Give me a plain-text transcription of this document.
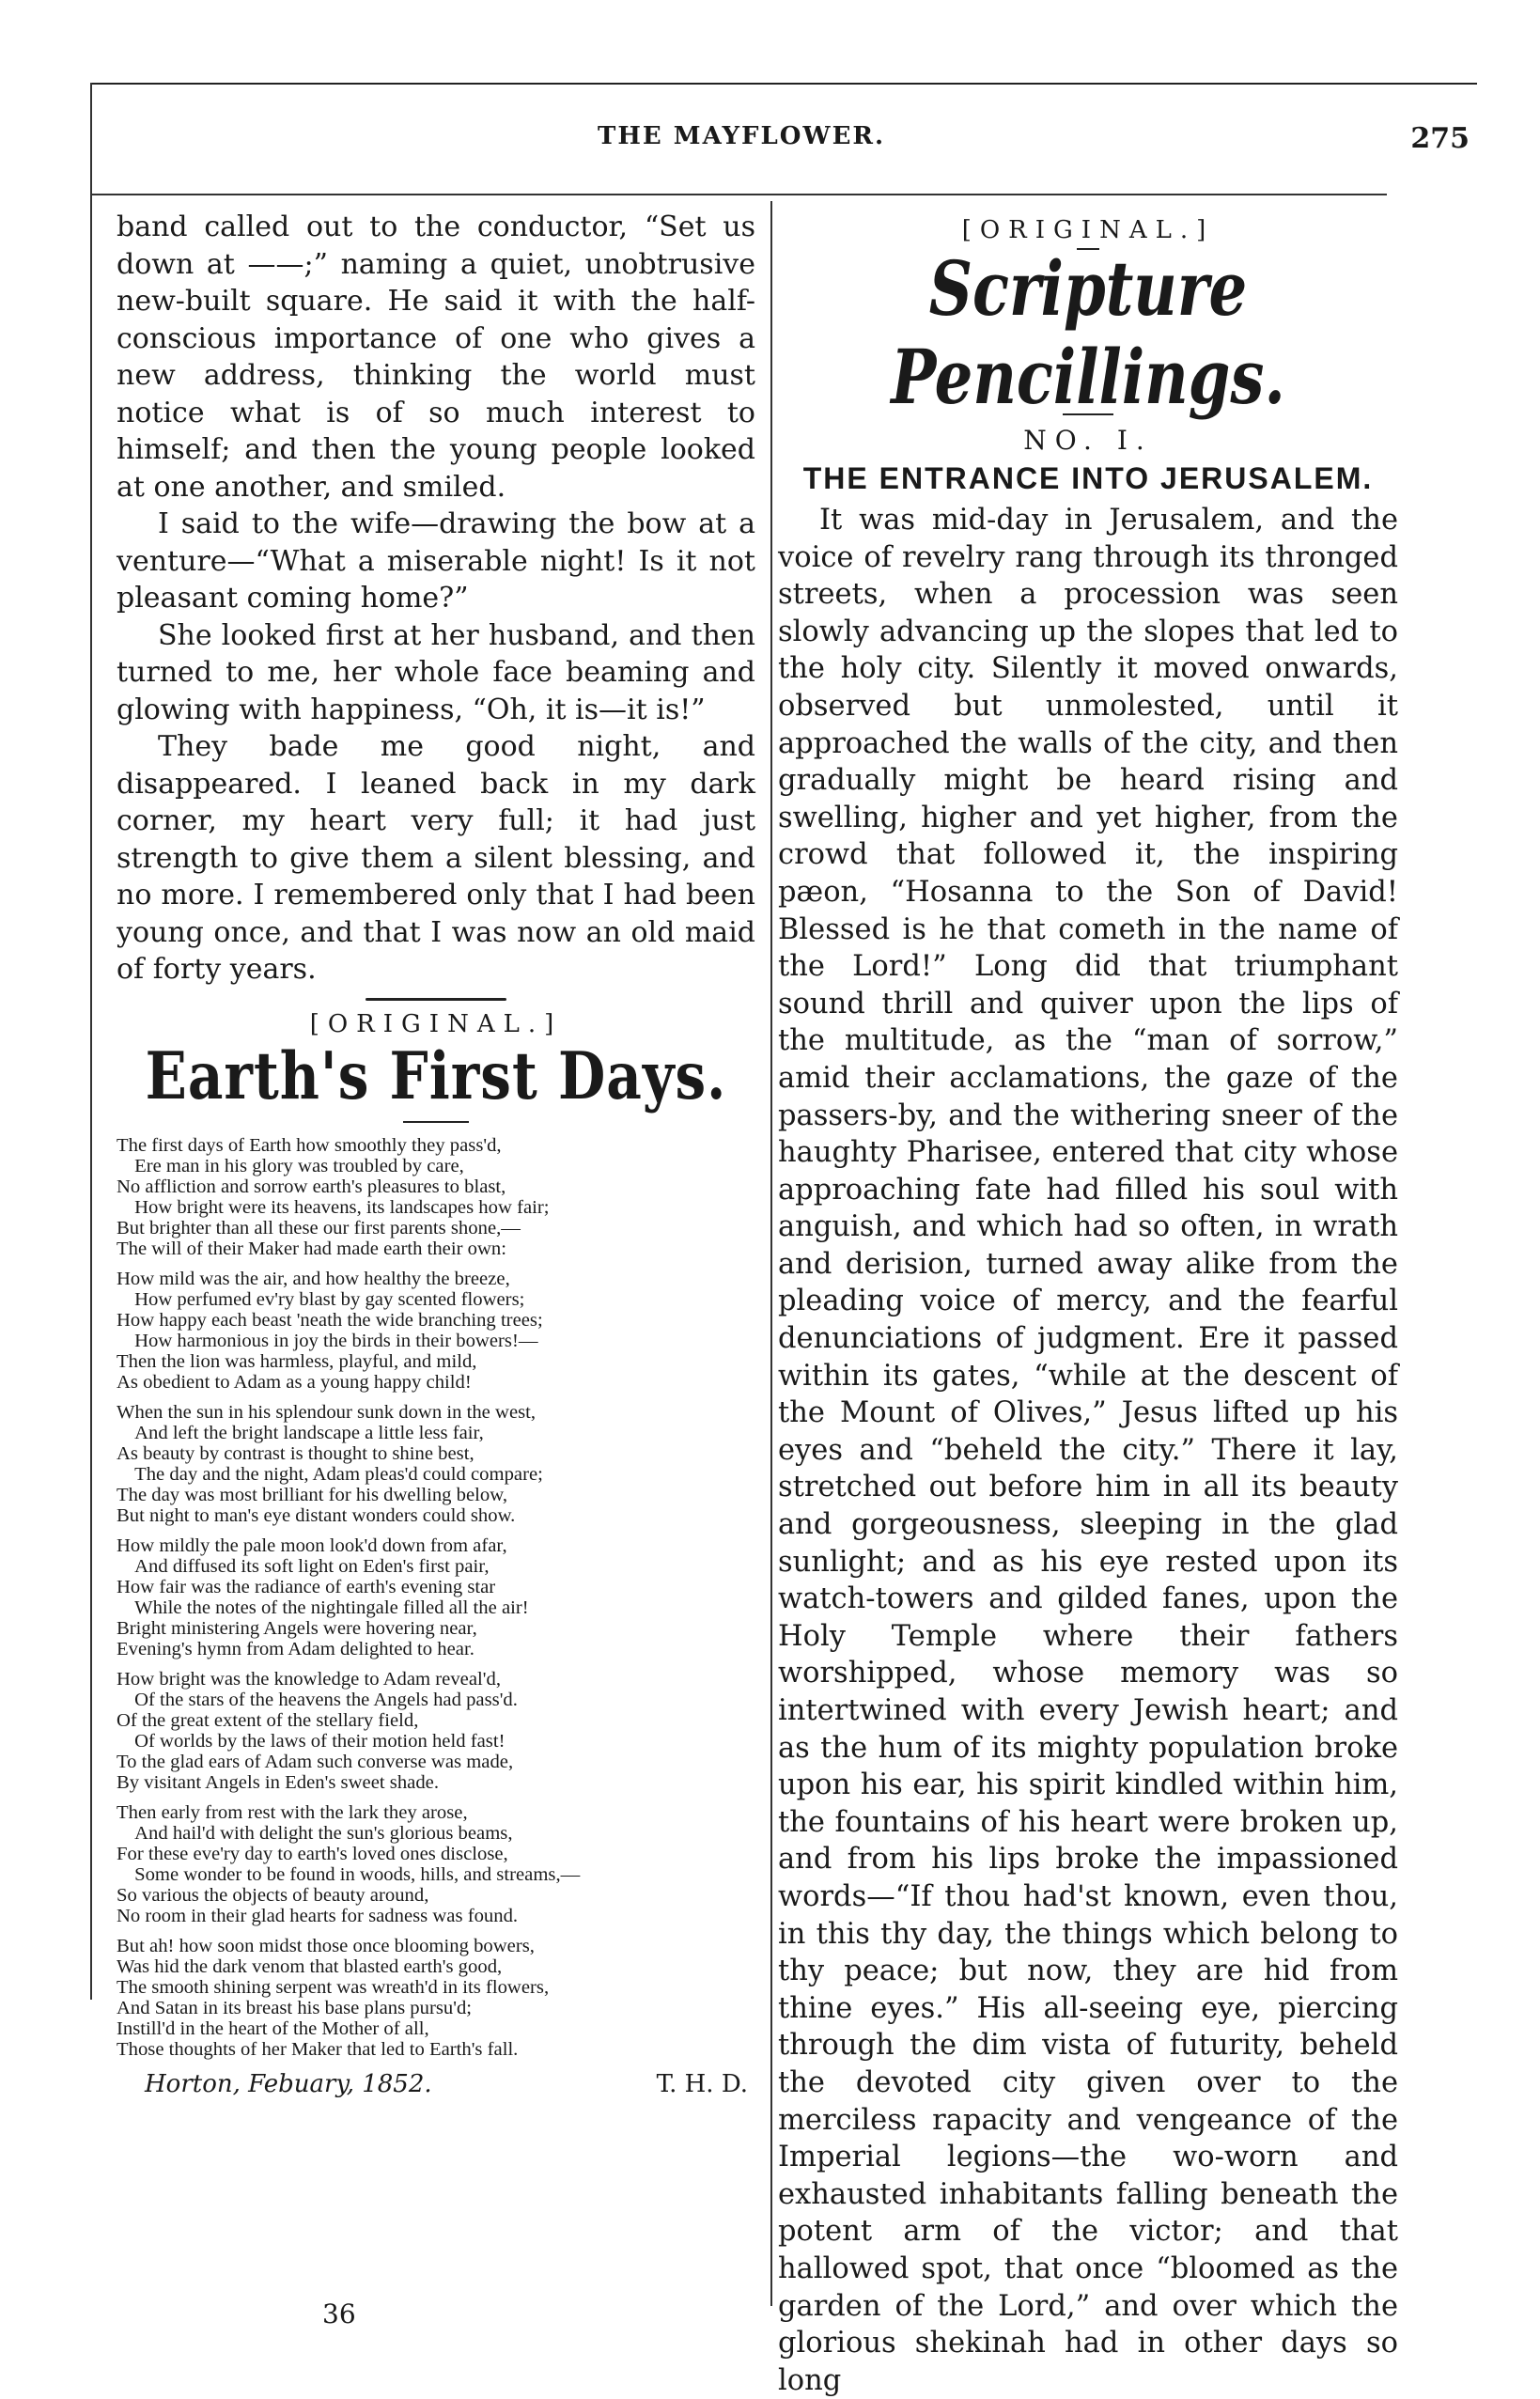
THE MAYFLOWER.	275

band called out to the conductor, “Set us down at ——;” naming a quiet, unobtrusive new-built square. He said it with the half-conscious importance of one who gives a new address, thinking the world must notice what is of so much interest to himself; and then the young people looked at one another, and smiled.

I said to the wife—drawing the bow at a venture—“What a miserable night! Is it not pleasant coming home?”

She looked first at her husband, and then turned to me, her whole face beaming and glowing with happiness, “Oh, it is—it is!”

They bade me good night, and disappeared. I leaned back in my dark corner, my heart very full; it had just strength to give them a silent blessing, and no more. I remembered only that I had been young once, and that I was now an old maid of forty years.

[ORIGINAL.]
Earth's First Days.

The first days of Earth how smoothly they pass'd,

Ere man in his glory was troubled by care,

No affliction and sorrow earth's pleasures to blast,

How bright were its heavens, its landscapes how fair;

But brighter than all these our first parents shone,—

The will of their Maker had made earth their own:

How mild was the air, and how healthy the breeze,

How perfumed ev'ry blast by gay scented flowers;

How happy each beast 'neath the wide branching trees;

How harmonious in joy the birds in their bowers!—

Then the lion was harmless, playful, and mild,

As obedient to Adam as a young happy child!

When the sun in his splendour sunk down in the west,

And left the bright landscape a little less fair,

As beauty by contrast is thought to shine best,

The day and the night, Adam pleas'd could compare;

The day was most brilliant for his dwelling below,

But night to man's eye distant wonders could show.

How mildly the pale moon look'd down from afar,

And diffused its soft light on Eden's first pair,

How fair was the radiance of earth's evening star

While the notes of the nightingale filled all the air!

Bright ministering Angels were hovering near,

Evening's hymn from Adam delighted to hear.

How bright was the knowledge to Adam reveal'd,

Of the stars of the heavens the Angels had pass'd.

Of the great extent of the stellary field,

Of worlds by the laws of their motion held fast!

To the glad ears of Adam such converse was made,

By visitant Angels in Eden's sweet shade.

Then early from rest with the lark they arose,

And hail'd with delight the sun's glorious beams,

For these eve'ry day to earth's loved ones disclose,

Some wonder to be found in woods, hills, and streams,—

So various the objects of beauty around,

No room in their glad hearts for sadness was found.

But ah! how soon midst those once blooming bowers,

Was hid the dark venom that blasted earth's good,

The smooth shining serpent was wreath'd in its flowers,

And Satan in its breast his base plans pursu'd;

Instill'd in the heart of the Mother of all,

Those thoughts of her Maker that led to Earth's fall.

Horton, Febuary, 1852.	T. H. D.
36
[ORIGINAL.]
Scripture Pencillings.
NO. I.
THE ENTRANCE INTO JERUSALEM.

It was mid-day in Jerusalem, and the voice of revelry rang through its thronged streets, when a procession was seen slowly advancing up the slopes that led to the holy city. Silently it moved onwards, observed but unmolested, until it approached the walls of the city, and then gradually might be heard rising and swelling, higher and yet higher, from the crowd that followed it, the inspiring pæon, “Hosanna to the Son of David! Blessed is he that cometh in the name of the Lord!” Long did that triumphant sound thrill and quiver upon the lips of the multitude, as the “man of sorrow,” amid their acclamations, the gaze of the passers-by, and the withering sneer of the haughty Pharisee, entered that city whose approaching fate had filled his soul with anguish, and which had so often, in wrath and derision, turned away alike from the pleading voice of mercy, and the fearful denunciations of judgment. Ere it passed within its gates, “while at the descent of the Mount of Olives,” Jesus lifted up his eyes and “beheld the city.” There it lay, stretched out before him in all its beauty and gorgeousness, sleeping in the glad sunlight; and as his eye rested upon its watch-towers and gilded fanes, upon the Holy Temple where their fathers worshipped, whose memory was so intertwined with every Jewish heart; and as the hum of its mighty population broke upon his ear, his spirit kindled within him, the fountains of his heart were broken up, and from his lips broke the impassioned words—“If thou had'st known, even thou, in this thy day, the things which belong to thy peace; but now, they are hid from thine eyes.” His all-seeing eye, piercing through the dim vista of futurity, beheld the devoted city given over to the merciless rapacity and vengeance of the Imperial legions—the wo-worn and exhausted inhabitants falling beneath the potent arm of the victor; and that hallowed spot, that once “bloomed as the garden of the Lord,” and over which the glorious shekinah had in other days so long
